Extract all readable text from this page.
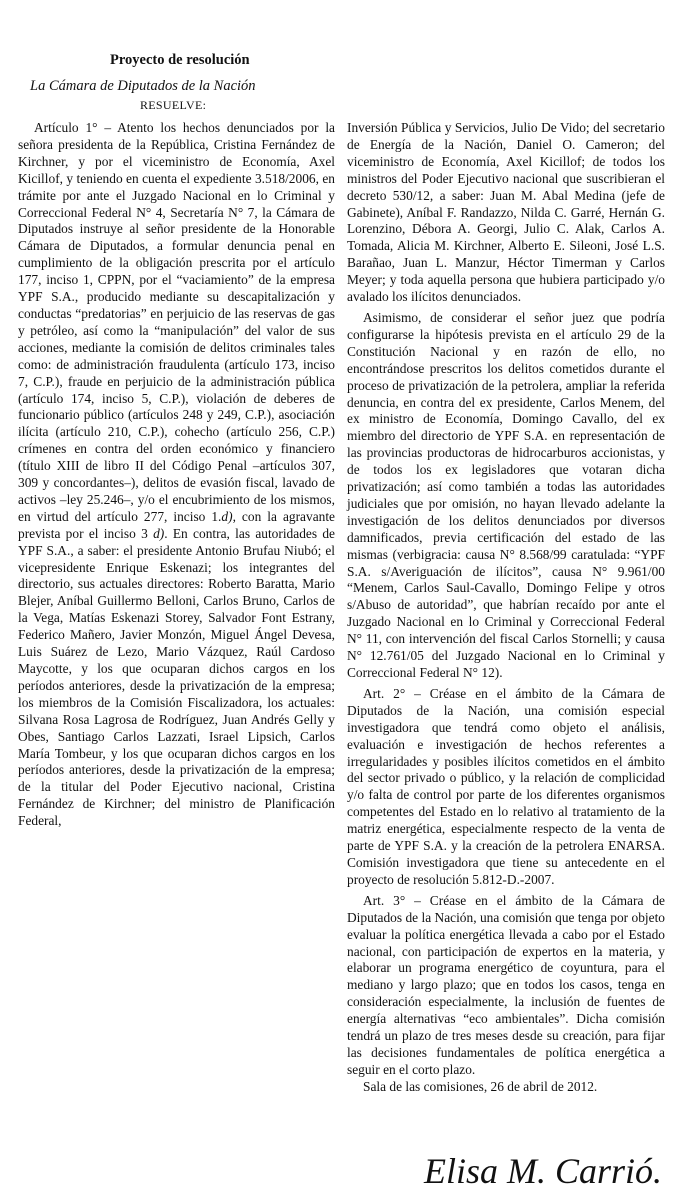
Proyecto de resolución
La Cámara de Diputados de la Nación
RESUELVE:

Artículo 1° – Atento los hechos denunciados por la señora presidenta de la República, Cristina Fernández de Kirchner, y por el viceministro de Economía, Axel Kicillof, y teniendo en cuenta el expediente 3.518/2006, en trámite por ante el Juzgado Nacional en lo Criminal y Correccional Federal N° 4, Secretaría N° 7, la Cámara de Diputados instruye al señor presidente de la Honorable Cámara de Diputados, a formular denuncia penal en cumplimiento de la obligación prescrita por el artículo 177, inciso 1, CPPN, por el “vaciamiento” de la empresa YPF S.A., producido mediante su descapitalización y conductas “predatorias” en perjuicio de las reservas de gas y petróleo, así como la “manipulación” del valor de sus acciones, mediante la comisión de delitos criminales tales como: de administración fraudulenta (artículo 173, inciso 7, C.P.), fraude en perjuicio de la administración pública (artículo 174, inciso 5, C.P.), violación de deberes de funcionario público (artículos 248 y 249, C.P.), asociación ilícita (artículo 210, C.P.), cohecho (artículo 256, C.P.) crímenes en contra del orden económico y financiero (título XIII de libro II del Código Penal –artículos 307, 309 y concordantes–), delitos de evasión fiscal, lavado de activos –ley 25.246–, y/o el encubrimiento de los mismos, en virtud del artículo 277, inciso 1.d), con la agravante prevista por el inciso 3 d). En contra, las autoridades de YPF S.A., a saber: el presidente Antonio Brufau Niubó; el vicepresidente Enrique Eskenazi; los integrantes del directorio, sus actuales directores: Roberto Baratta, Mario Blejer, Aníbal Guillermo Belloni, Carlos Bruno, Carlos de la Vega, Matías Eskenazi Storey, Salvador Font Estrany, Federico Mañero, Javier Monzón, Miguel Ángel Devesa, Luis Suárez de Lezo, Mario Vázquez, Raúl Cardoso Maycotte, y los que ocuparan dichos cargos en los períodos anteriores, desde la privatización de la empresa; los miembros de la Comisión Fiscalizadora, los actuales: Silvana Rosa Lagrosa de Rodríguez, Juan Andrés Gelly y Obes, Santiago Carlos Lazzati, Israel Lipsich, Carlos María Tombeur, y los que ocuparan dichos cargos en los períodos anteriores, desde la privatización de la empresa; de la titular del Poder Ejecutivo nacional, Cristina Fernández de Kirchner; del ministro de Planificación Federal,

Inversión Pública y Servicios, Julio De Vido; del secretario de Energía de la Nación, Daniel O. Cameron; del viceministro de Economía, Axel Kicillof; de todos los ministros del Poder Ejecutivo nacional que suscribieran el decreto 530/12, a saber: Juan M. Abal Medina (jefe de Gabinete), Aníbal F. Randazzo, Nilda C. Garré, Hernán G. Lorenzino, Débora A. Georgi, Julio C. Alak, Carlos A. Tomada, Alicia M. Kirchner, Alberto E. Sileoni, José L.S. Barañao, Juan L. Manzur, Héctor Timerman y Carlos Meyer; y toda aquella persona que hubiera participado y/o avalado los ilícitos denunciados.

Asimismo, de considerar el señor juez que podría configurarse la hipótesis prevista en el artículo 29 de la Constitución Nacional y en razón de ello, no encontrándose prescritos los delitos cometidos durante el proceso de privatización de la petrolera, ampliar la referida denuncia, en contra del ex presidente, Carlos Menem, del ex ministro de Economía, Domingo Cavallo, del ex miembro del directorio de YPF S.A. en representación de las provincias productoras de hidrocarburos accionistas, y de todos los ex legisladores que votaran dicha privatización; así como también a todas las autoridades judiciales que por omisión, no hayan llevado adelante la investigación de los delitos denunciados por diversos damnificados, previa certificación del estado de las mismas (verbigracia: causa N° 8.568/99 caratulada: “YPF S.A. s/Averiguación de ilícitos”, causa N° 9.961/00 “Menem, Carlos Saul-Cavallo, Domingo Felipe y otros s/Abuso de autoridad”, que habrían recaído por ante el Juzgado Nacional en lo Criminal y Correccional Federal N° 11, con intervención del fiscal Carlos Stornelli; y causa N° 12.761/05 del Juzgado Nacional en lo Criminal y Correccional Federal N° 12).

Art. 2° – Créase en el ámbito de la Cámara de Diputados de la Nación, una comisión especial investigadora que tendrá como objeto el análisis, evaluación e investigación de hechos referentes a irregularidades y posibles ilícitos cometidos en el ámbito del sector privado o público, y la relación de complicidad y/o falta de control por parte de los diferentes organismos competentes del Estado en lo relativo al tratamiento de la matriz energética, especialmente respecto de la venta de parte de YPF S.A. y la creación de la petrolera ENARSA. Comisión investigadora que tiene su antecedente en el proyecto de resolución 5.812-D.-2007.

Art. 3° – Créase en el ámbito de la Cámara de Diputados de la Nación, una comisión que tenga por objeto evaluar la política energética llevada a cabo por el Estado nacional, con participación de expertos en la materia, y elaborar un programa energético de coyuntura, para el mediano y largo plazo; que en todos los casos, tenga en consideración especialmente, la inclusión de fuentes de energía alternativas “eco ambientales”. Dicha comisión tendrá un plazo de tres meses desde su creación, para fijar las decisiones fundamentales de política energética a seguir en el corto plazo.

Sala de las comisiones, 26 de abril de 2012.

Elisa M. Carrió.
